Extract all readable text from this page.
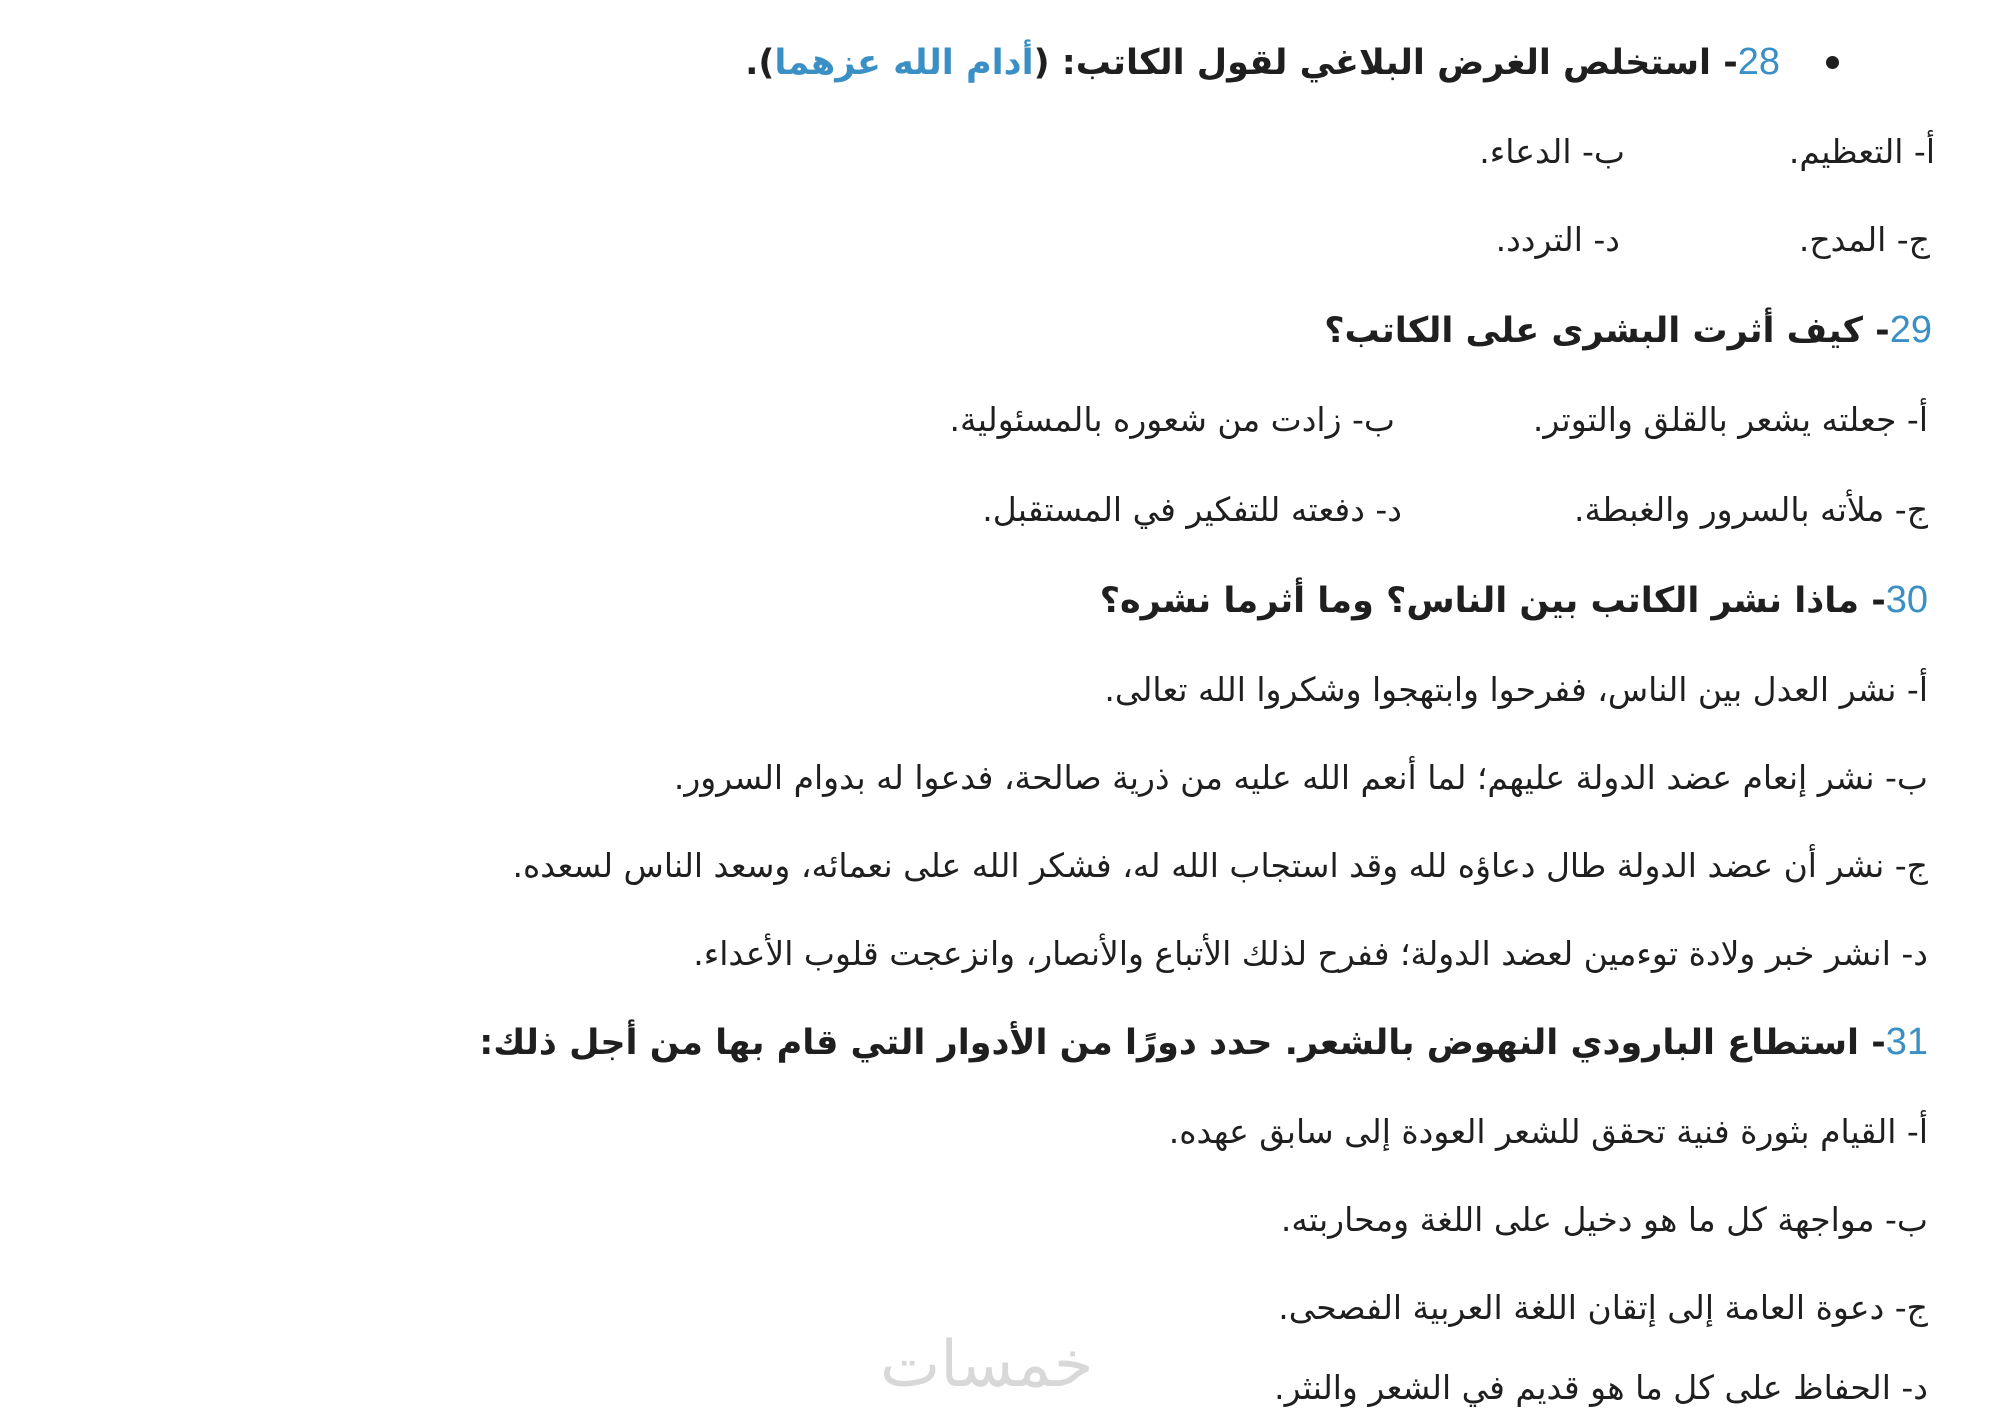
28- استخلص الغرض البلاغي لقول الكاتب: (أدام الله عزهما).
أ- التعظيم.
ب- الدعاء.
ج- المدح.
د- التردد.
29- كيف أثرت البشرى على الكاتب؟
أ- جعلته يشعر بالقلق والتوتر.
ب- زادت من شعوره بالمسئولية.
ج- ملأته بالسرور والغبطة.
د- دفعته للتفكير في المستقبل.
30- ماذا نشر الكاتب بين الناس؟ وما أثرما نشره؟
أ- نشر العدل بين الناس، ففرحوا وابتهجوا وشكروا الله تعالى.
ب- نشر إنعام عضد الدولة عليهم؛ لما أنعم الله عليه من ذرية صالحة، فدعوا له بدوام السرور.
ج- نشر أن عضد الدولة طال دعاؤه لله وقد استجاب الله له، فشكر الله على نعمائه، وسعد الناس لسعده.
د- انشر خبر ولادة توءمين لعضد الدولة؛ ففرح لذلك الأتباع والأنصار، وانزعجت قلوب الأعداء.
31- استطاع البارودي النهوض بالشعر. حدد دورًا من الأدوار التي قام بها من أجل ذلك:
أ- القيام بثورة فنية تحقق للشعر العودة إلى سابق عهده.
ب- مواجهة كل ما هو دخيل على اللغة ومحاربته.
ج- دعوة العامة إلى إتقان اللغة العربية الفصحى.
د- الحفاظ على كل ما هو قديم في الشعر والنثر.
خمسات
